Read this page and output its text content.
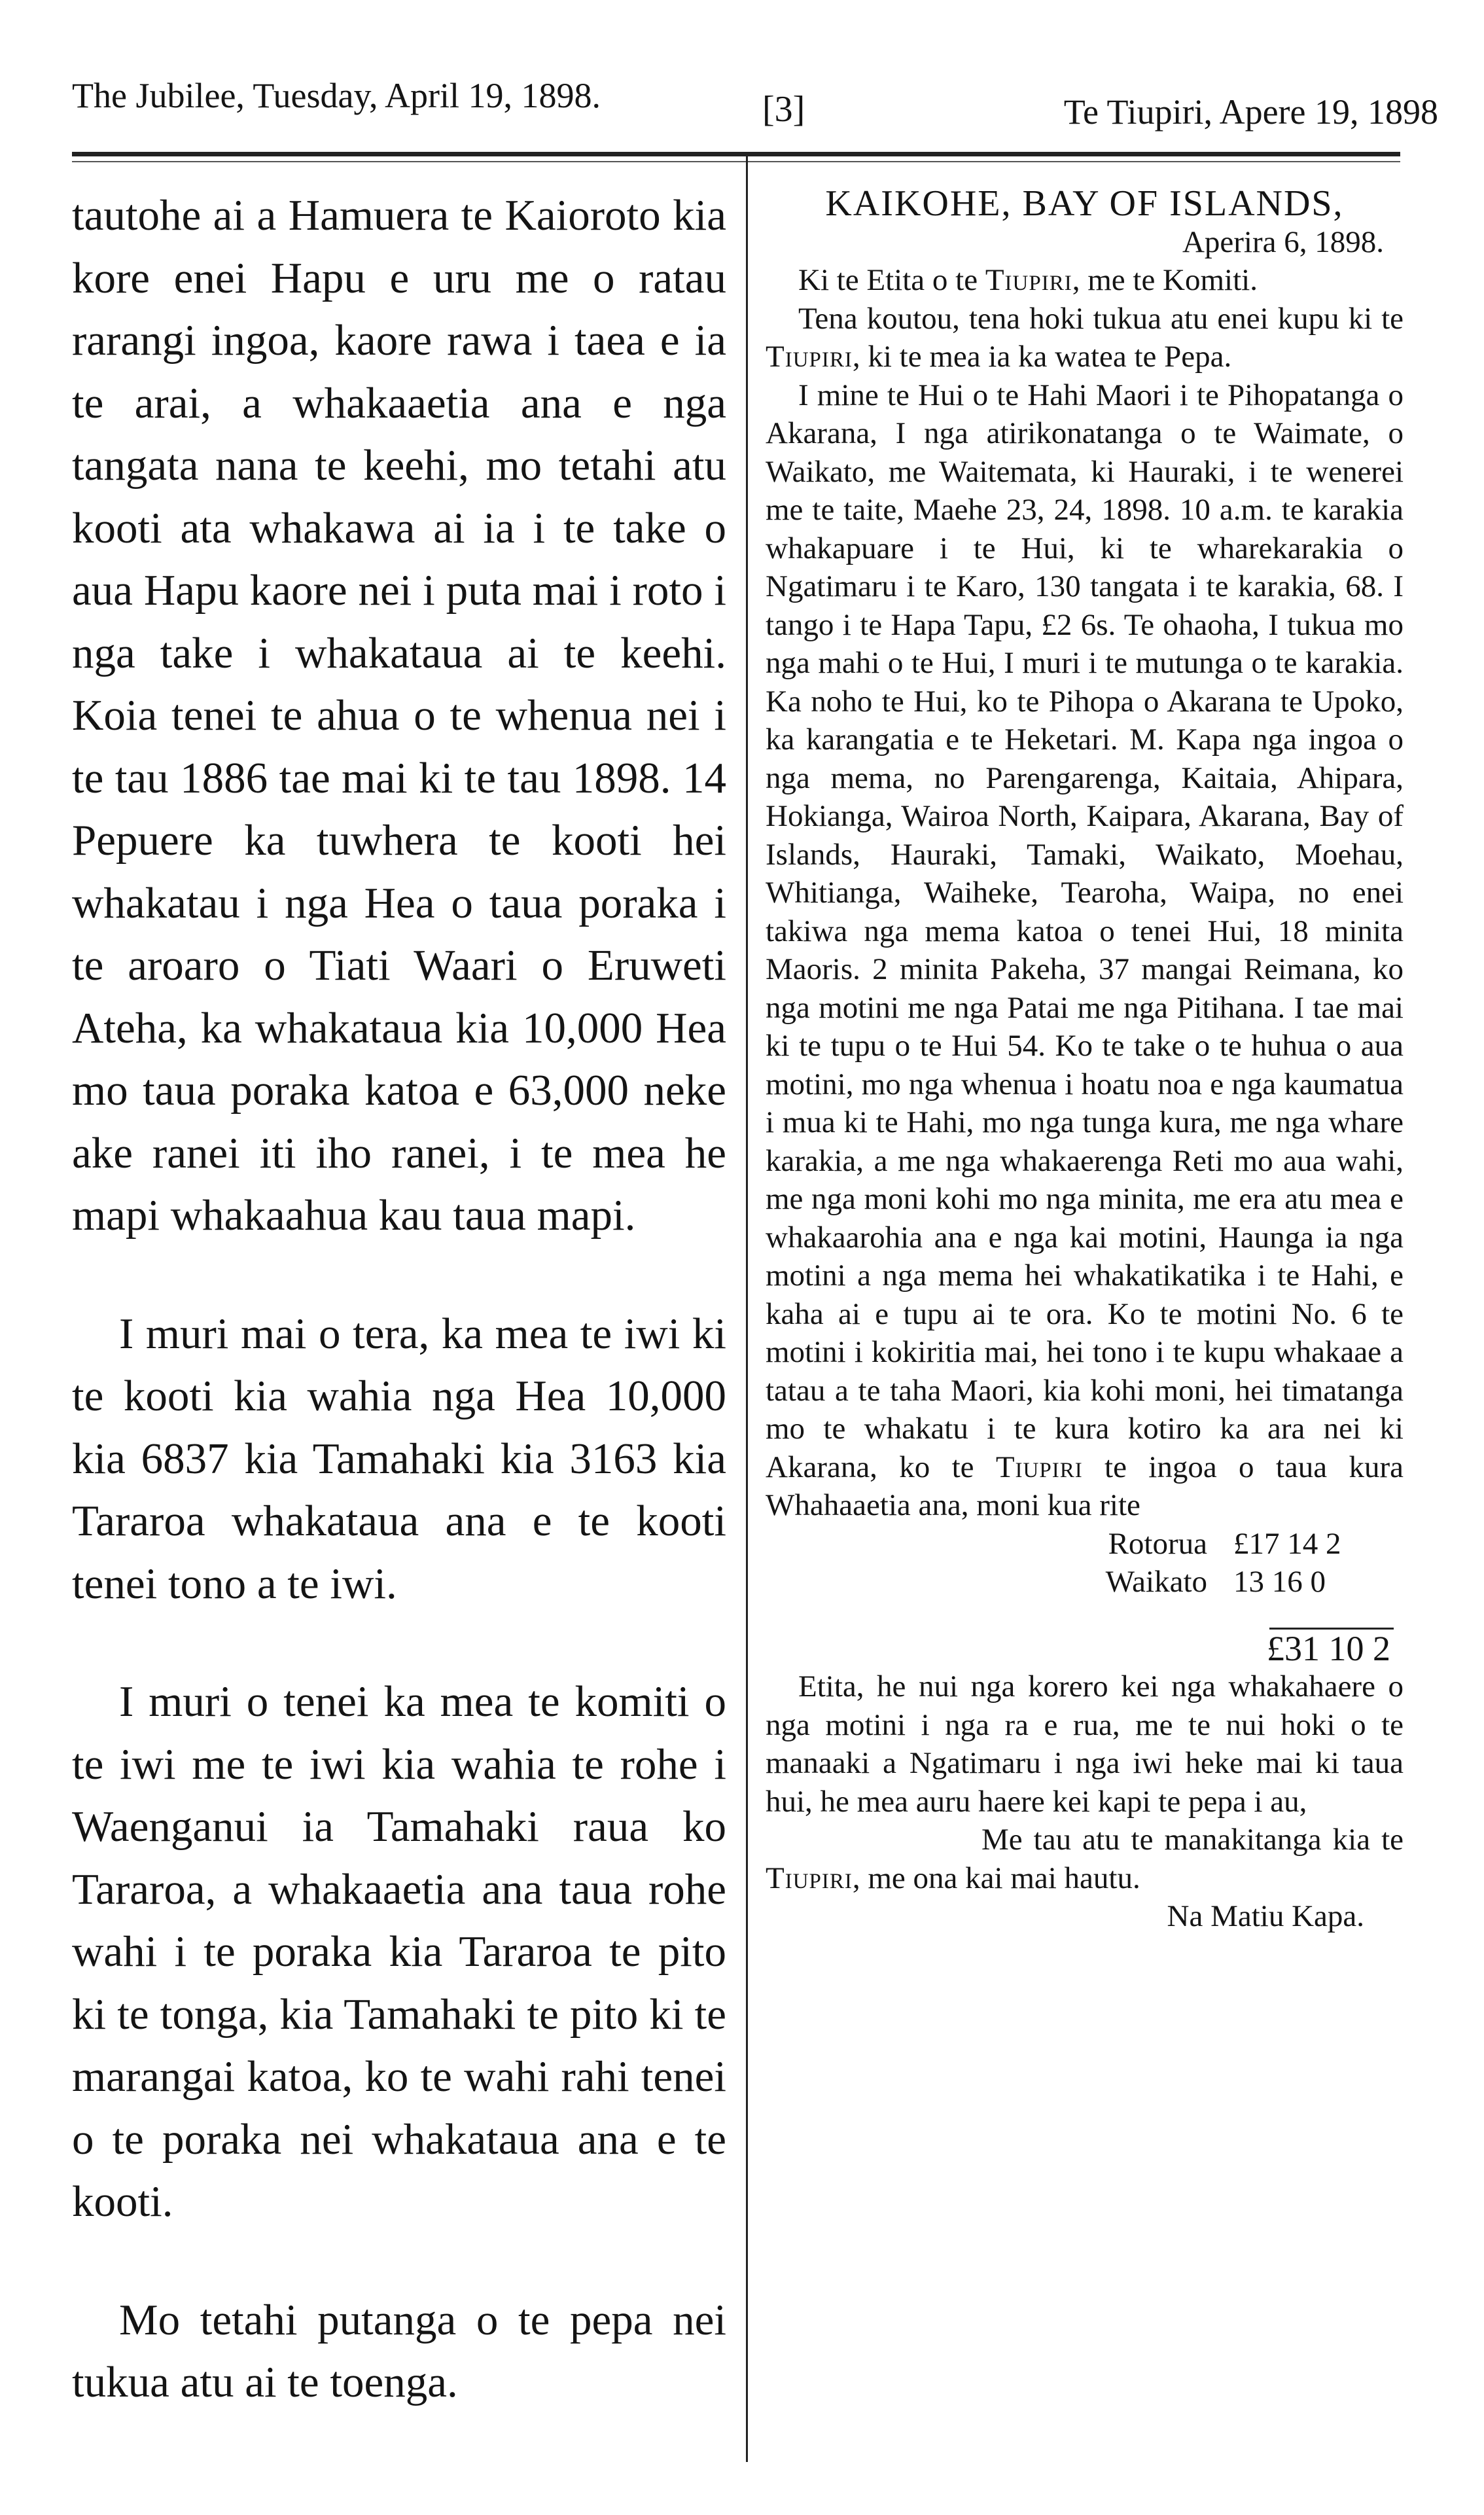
The Jubilee, Tuesday, April 19, 1898.	[3]	Te Tiupiri, Apere 19, 1898

tautohe ai a Hamuera te Kaioroto kia kore enei Hapu e uru me o ratau rarangi ingoa, kaore rawa i taea e ia te arai, a whakaaetia ana e nga tangata nana te keehi, mo tetahi atu kooti ata whakawa ai ia i te take o aua Hapu kaore nei i puta mai i roto i nga take i whakataua ai te keehi. Koia tenei te ahua o te whenua nei i te tau 1886 tae mai ki te tau 1898. 14 Pepuere ka tuwhera te kooti hei whakatau i nga Hea o taua poraka i te aroaro o Tiati Waari o Eruweti Ateha, ka whakataua kia 10,000 Hea mo taua poraka katoa e 63,000 neke ake ranei iti iho ranei, i te mea he mapi whakaahua kau taua mapi.

I muri mai o tera, ka mea te iwi ki te kooti kia wahia nga Hea 10,000 kia 6837 kia Tamahaki kia 3163 kia Tararoa whakataua ana e te kooti tenei tono a te iwi.

I muri o tenei ka mea te komiti o te iwi me te iwi kia wahia te rohe i Waenganui ia Tamahaki raua ko Tararoa, a whakaaetia ana taua rohe wahi i te poraka kia Tararoa te pito ki te tonga, kia Tamahaki te pito ki te marangai katoa, ko te wahi rahi tenei o te poraka nei whakataua ana e te kooti.

Mo tetahi putanga o te pepa nei tukua atu ai te toenga.

KAIKOHE, BAY OF ISLANDS,

Aperira 6, 1898.

Ki te Etita o te Tiupiri, me te Komiti.

Tena koutou, tena hoki tukua atu enei kupu ki te Tiupiri, ki te mea ia ka watea te Pepa.

I mine te Hui o te Hahi Maori i te Pihopatanga o Akarana, I nga atirikonatanga o te Waimate, o Waikato, me Waitemata, ki Hauraki, i te wenerei me te taite, Maehe 23, 24, 1898. 10 a.m. te karakia whakapuare i te Hui, ki te wharekarakia o Ngatimaru i te Karo, 130 tangata i te karakia, 68. I tango i te Hapa Tapu, £2 6s. Te ohaoha, I tukua mo nga mahi o te Hui, I muri i te mutunga o te karakia. Ka noho te Hui, ko te Pihopa o Akarana te Upoko, ka karangatia e te Heketari. M. Kapa nga ingoa o nga mema, no Parengarenga, Kaitaia, Ahipara, Hokianga, Wairoa North, Kaipara, Akarana, Bay of Islands, Hauraki, Tamaki, Waikato, Moehau, Whitianga, Waiheke, Tearoha, Waipa, no enei takiwa nga mema katoa o tenei Hui, 18 minita Maoris. 2 minita Pakeha, 37 mangai Reimana, ko nga motini me nga Patai me nga Pitihana. I tae mai ki te tupu o te Hui 54. Ko te take o te huhua o aua motini, mo nga whenua i hoatu noa e nga kaumatua i mua ki te Hahi, mo nga tunga kura, me nga whare karakia, a me nga whakaerenga Reti mo aua wahi, me nga moni kohi mo nga minita, me era atu mea e whakaarohia ana e nga kai motini, Haunga ia nga motini a nga mema hei whakatikatika i te Hahi, e kaha ai e tupu ai te ora. Ko te motini No. 6 te motini i kokiritia mai, hei tono i te kupu whakaae a tatau a te taha Maori, kia kohi moni, hei timatanga mo te whakatu i te kura kotiro ka ara nei ki Akarana, ko te Tiupiri te ingoa o taua kura Whahaaetia ana, moni kua rite

Rotorua £17 14 2
Waikato 13 16 0

£31 10 2

Etita, he nui nga korero kei nga whakahaere o nga motini i nga ra e rua, me te nui hoki o te manaaki a Ngatimaru i nga iwi heke mai ki taua hui, he mea auru haere kei kapi te pepa i au,

Me tau atu te manakitanga kia te Tiupiri, me ona kai mai hautu.

Na Matiu Kapa.
